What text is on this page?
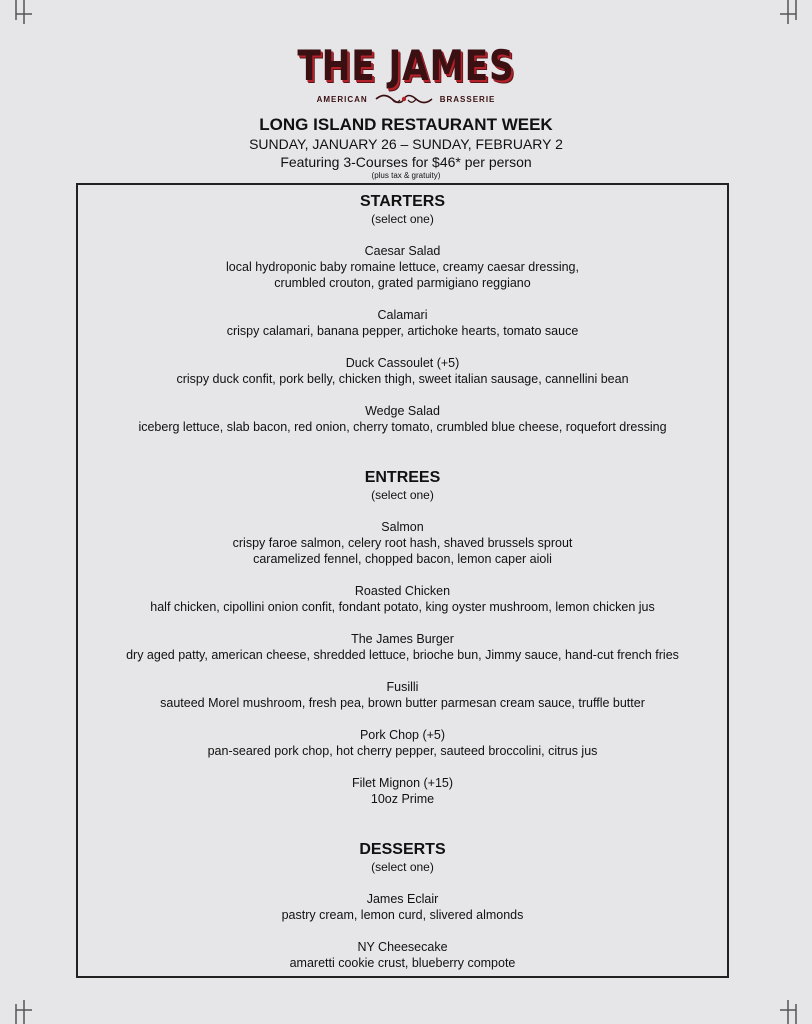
THE JAMES
AMERICAN	BRASSERIE
LONG ISLAND RESTAURANT WEEK
SUNDAY, JANUARY 26 – SUNDAY, FEBRUARY 2
Featuring 3-Courses for $46* per person
(plus tax & gratuity)
STARTERS
(select one)
Caesar Salad
local hydroponic baby romaine lettuce, creamy caesar dressing,
crumbled crouton, grated parmigiano reggiano
Calamari
crispy calamari, banana pepper, artichoke hearts, tomato sauce
Duck Cassoulet (+5)
crispy duck confit, pork belly, chicken thigh, sweet italian sausage, cannellini bean
Wedge Salad
iceberg lettuce, slab bacon, red onion, cherry tomato, crumbled blue cheese, roquefort dressing
ENTREES
(select one)
Salmon
crispy faroe salmon, celery root hash, shaved brussels sprout
caramelized fennel, chopped bacon, lemon caper aioli
Roasted Chicken
half chicken, cipollini onion confit, fondant potato, king oyster mushroom, lemon chicken jus
The James Burger
dry aged patty, american cheese, shredded lettuce, brioche bun, Jimmy sauce, hand-cut french fries
Fusilli
sauteed Morel mushroom, fresh pea, brown butter parmesan cream sauce, truffle butter
Pork Chop (+5)
pan-seared pork chop, hot cherry pepper, sauteed broccolini, citrus jus
Filet Mignon (+15)
10oz Prime
DESSERTS
(select one)
James Eclair
pastry cream, lemon curd, slivered almonds
NY Cheesecake
amaretti cookie crust, blueberry compote
